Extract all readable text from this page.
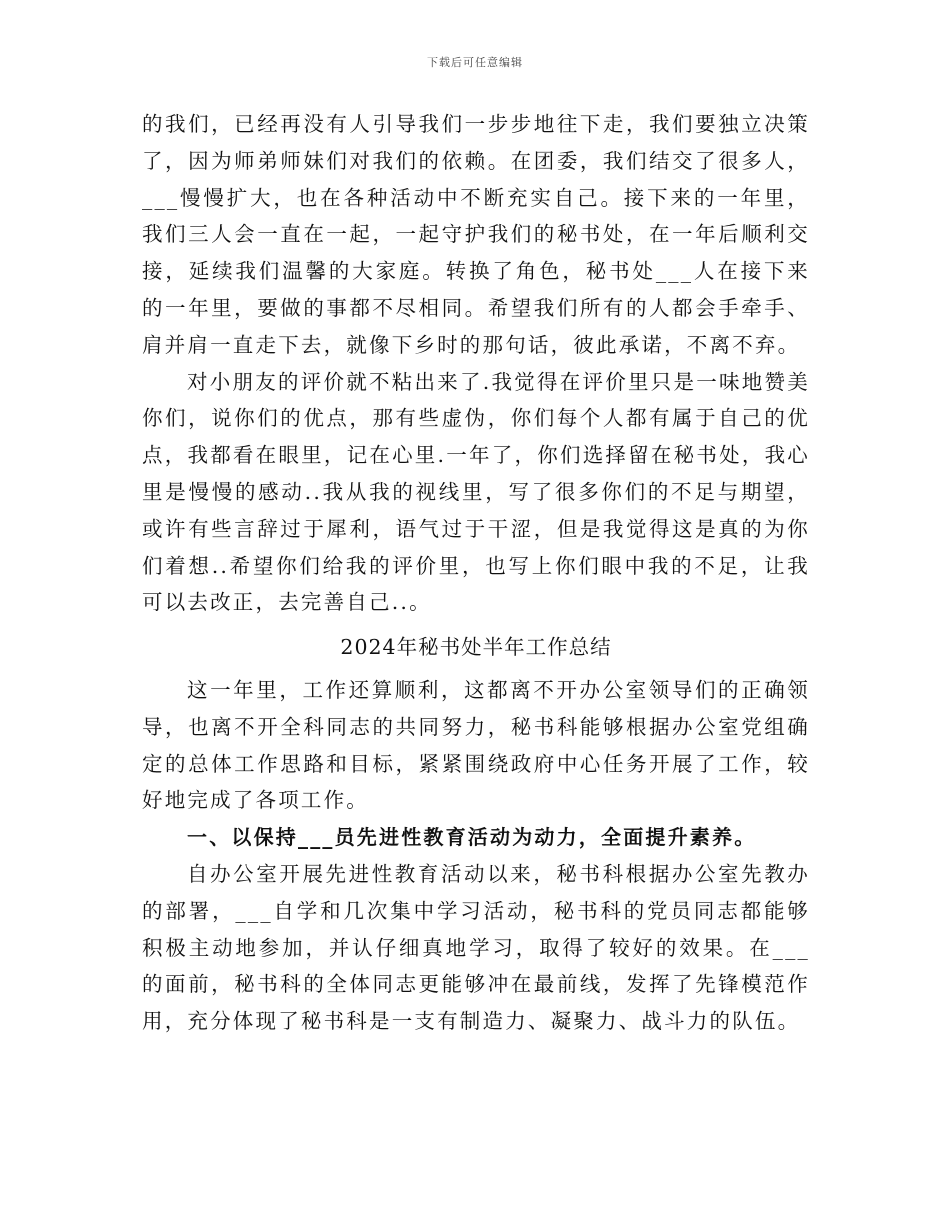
下载后可任意编辑

的我们，已经再没有人引导我们一步步地往下走，我们要独立决策了，因为师弟师妹们对我们的依赖。在团委，我们结交了很多人，___慢慢扩大，也在各种活动中不断充实自己。接下来的一年里，我们三人会一直在一起，一起守护我们的秘书处，在一年后顺利交接，延续我们温馨的大家庭。转换了角色，秘书处___人在接下来的一年里，要做的事都不尽相同。希望我们所有的人都会手牵手、肩并肩一直走下去，就像下乡时的那句话，彼此承诺，不离不弃。

对小朋友的评价就不粘出来了.我觉得在评价里只是一味地赞美你们，说你们的优点，那有些虚伪，你们每个人都有属于自己的优点，我都看在眼里，记在心里.一年了，你们选择留在秘书处，我心里是慢慢的感动..我从我的视线里，写了很多你们的不足与期望，或许有些言辞过于犀利，语气过于干涩，但是我觉得这是真的为你们着想..希望你们给我的评价里，也写上你们眼中我的不足，让我可以去改正，去完善自己..。

2024年秘书处半年工作总结

这一年里，工作还算顺利，这都离不开办公室领导们的正确领导，也离不开全科同志的共同努力，秘书科能够根据办公室党组确定的总体工作思路和目标，紧紧围绕政府中心任务开展了工作，较好地完成了各项工作。

一、以保持___员先进性教育活动为动力，全面提升素养。

自办公室开展先进性教育活动以来，秘书科根据办公室先教办的部署，___自学和几次集中学习活动，秘书科的党员同志都能够积极主动地参加，并认仔细真地学习，取得了较好的效果。在___的面前，秘书科的全体同志更能够冲在最前线，发挥了先锋模范作用，充分体现了秘书科是一支有制造力、凝聚力、战斗力的队伍。
